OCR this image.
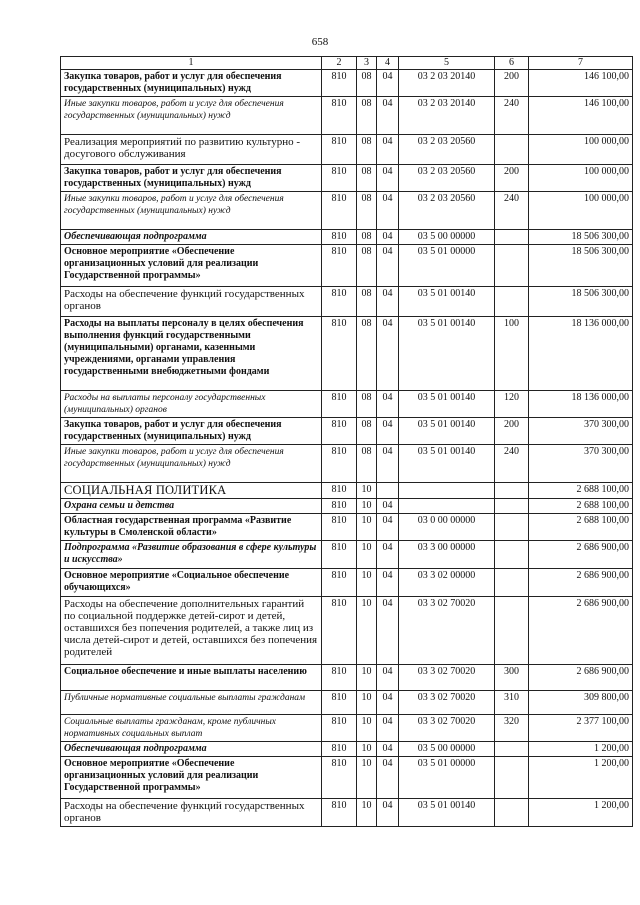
658
1	2	3	4	5	6	7
Закупка товаров, работ и услуг для обеспечения государственных (муниципальных) нужд	810	08	04	03 2 03 20140	200	146 100,00
Иные закупки товаров, работ и услуг для обеспечения государственных (муниципальных) нужд	810	08	04	03 2 03 20140	240	146 100,00
Реализация мероприятий по развитию культурно - досугового обслуживания	810	08	04	03 2 03 20560		100 000,00
Закупка товаров, работ и услуг для обеспечения государственных (муниципальных) нужд	810	08	04	03 2 03 20560	200	100 000,00
Иные закупки товаров, работ и услуг для обеспечения государственных (муниципальных) нужд	810	08	04	03 2 03 20560	240	100 000,00
Обеспечивающая подпрограмма	810	08	04	03 5 00 00000		18 506 300,00
Основное мероприятие «Обеспечение организационных условий для реализации Государственной программы»	810	08	04	03 5 01 00000		18 506 300,00
Расходы на обеспечение функций государственных органов	810	08	04	03 5 01 00140		18 506 300,00
Расходы на выплаты персоналу в целях обеспечения выполнения функций государственными (муниципальными) органами, казенными учреждениями, органами управления государственными внебюджетными фондами	810	08	04	03 5 01 00140	100	18 136 000,00
Расходы на выплаты персоналу государственных (муниципальных) органов	810	08	04	03 5 01 00140	120	18 136 000,00
Закупка товаров, работ и услуг для обеспечения государственных (муниципальных) нужд	810	08	04	03 5 01 00140	200	370 300,00
Иные закупки товаров, работ и услуг для обеспечения государственных (муниципальных) нужд	810	08	04	03 5 01 00140	240	370 300,00
СОЦИАЛЬНАЯ ПОЛИТИКА	810	10				2 688 100,00
Охрана семьи и детства	810	10	04			2 688 100,00
Областная государственная программа «Развитие культуры в Смоленской области»	810	10	04	03 0 00 00000		2 688 100,00
Подпрограмма «Развитие образования в сфере культуры и искусства»	810	10	04	03 3 00 00000		2 686 900,00
Основное мероприятие «Социальное обеспечение обучающихся»	810	10	04	03 3 02 00000		2 686 900,00
Расходы на обеспечение дополнительных гарантий по социальной поддержке детей-сирот и детей, оставшихся без попечения родителей, а также лиц из числа детей-сирот и детей, оставшихся без попечения родителей	810	10	04	03 3 02 70020		2 686 900,00
Социальное обеспечение и иные выплаты населению	810	10	04	03 3 02 70020	300	2 686 900,00
Публичные нормативные социальные выплаты гражданам	810	10	04	03 3 02 70020	310	309 800,00
Социальные выплаты гражданам, кроме публичных нормативных социальных выплат	810	10	04	03 3 02 70020	320	2 377 100,00
Обеспечивающая подпрограмма	810	10	04	03 5 00 00000		1 200,00
Основное мероприятие «Обеспечение организационных условий для реализации Государственной программы»	810	10	04	03 5 01 00000		1 200,00
Расходы на обеспечение функций государственных органов	810	10	04	03 5 01 00140		1 200,00
